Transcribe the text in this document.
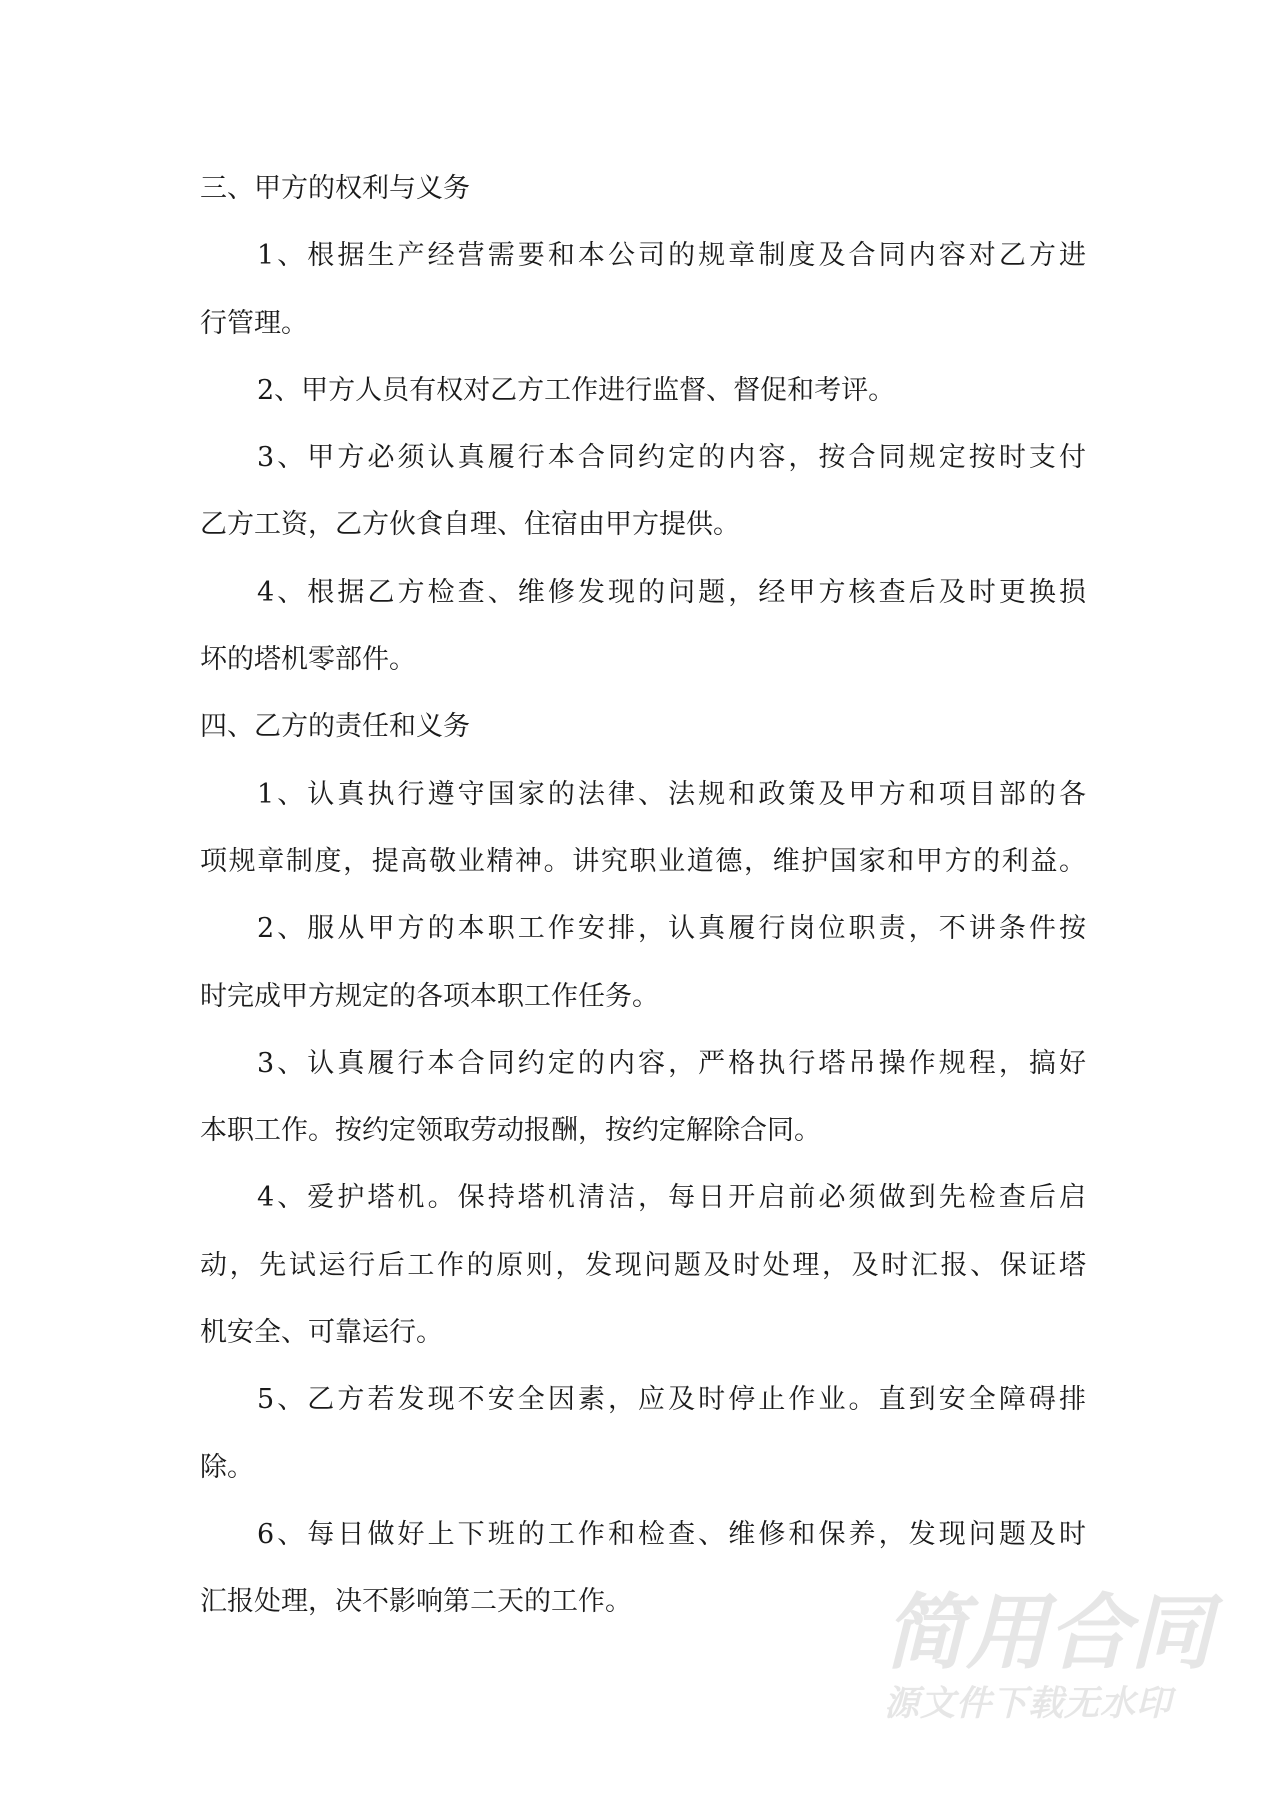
三、甲方的权利与义务
1、根据生产经营需要和本公司的规章制度及合同内容对乙方进
行管理。
2、甲方人员有权对乙方工作进行监督、督促和考评。
3、甲方必须认真履行本合同约定的内容，按合同规定按时支付
乙方工资，乙方伙食自理、住宿由甲方提供。
4、根据乙方检查、维修发现的问题，经甲方核查后及时更换损
坏的塔机零部件。
四、乙方的责任和义务
1、认真执行遵守国家的法律、法规和政策及甲方和项目部的各
项规章制度，提高敬业精神。讲究职业道德，维护国家和甲方的利益。
2、服从甲方的本职工作安排，认真履行岗位职责，不讲条件按
时完成甲方规定的各项本职工作任务。
3、认真履行本合同约定的内容，严格执行塔吊操作规程，搞好
本职工作。按约定领取劳动报酬，按约定解除合同。
4、爱护塔机。保持塔机清洁，每日开启前必须做到先检查后启
动，先试运行后工作的原则，发现问题及时处理，及时汇报、保证塔
机安全、可靠运行。
5、乙方若发现不安全因素，应及时停止作业。直到安全障碍排
除。
6、每日做好上下班的工作和检查、维修和保养，发现问题及时
汇报处理，决不影响第二天的工作。	简用合同
源文件下载无水印
